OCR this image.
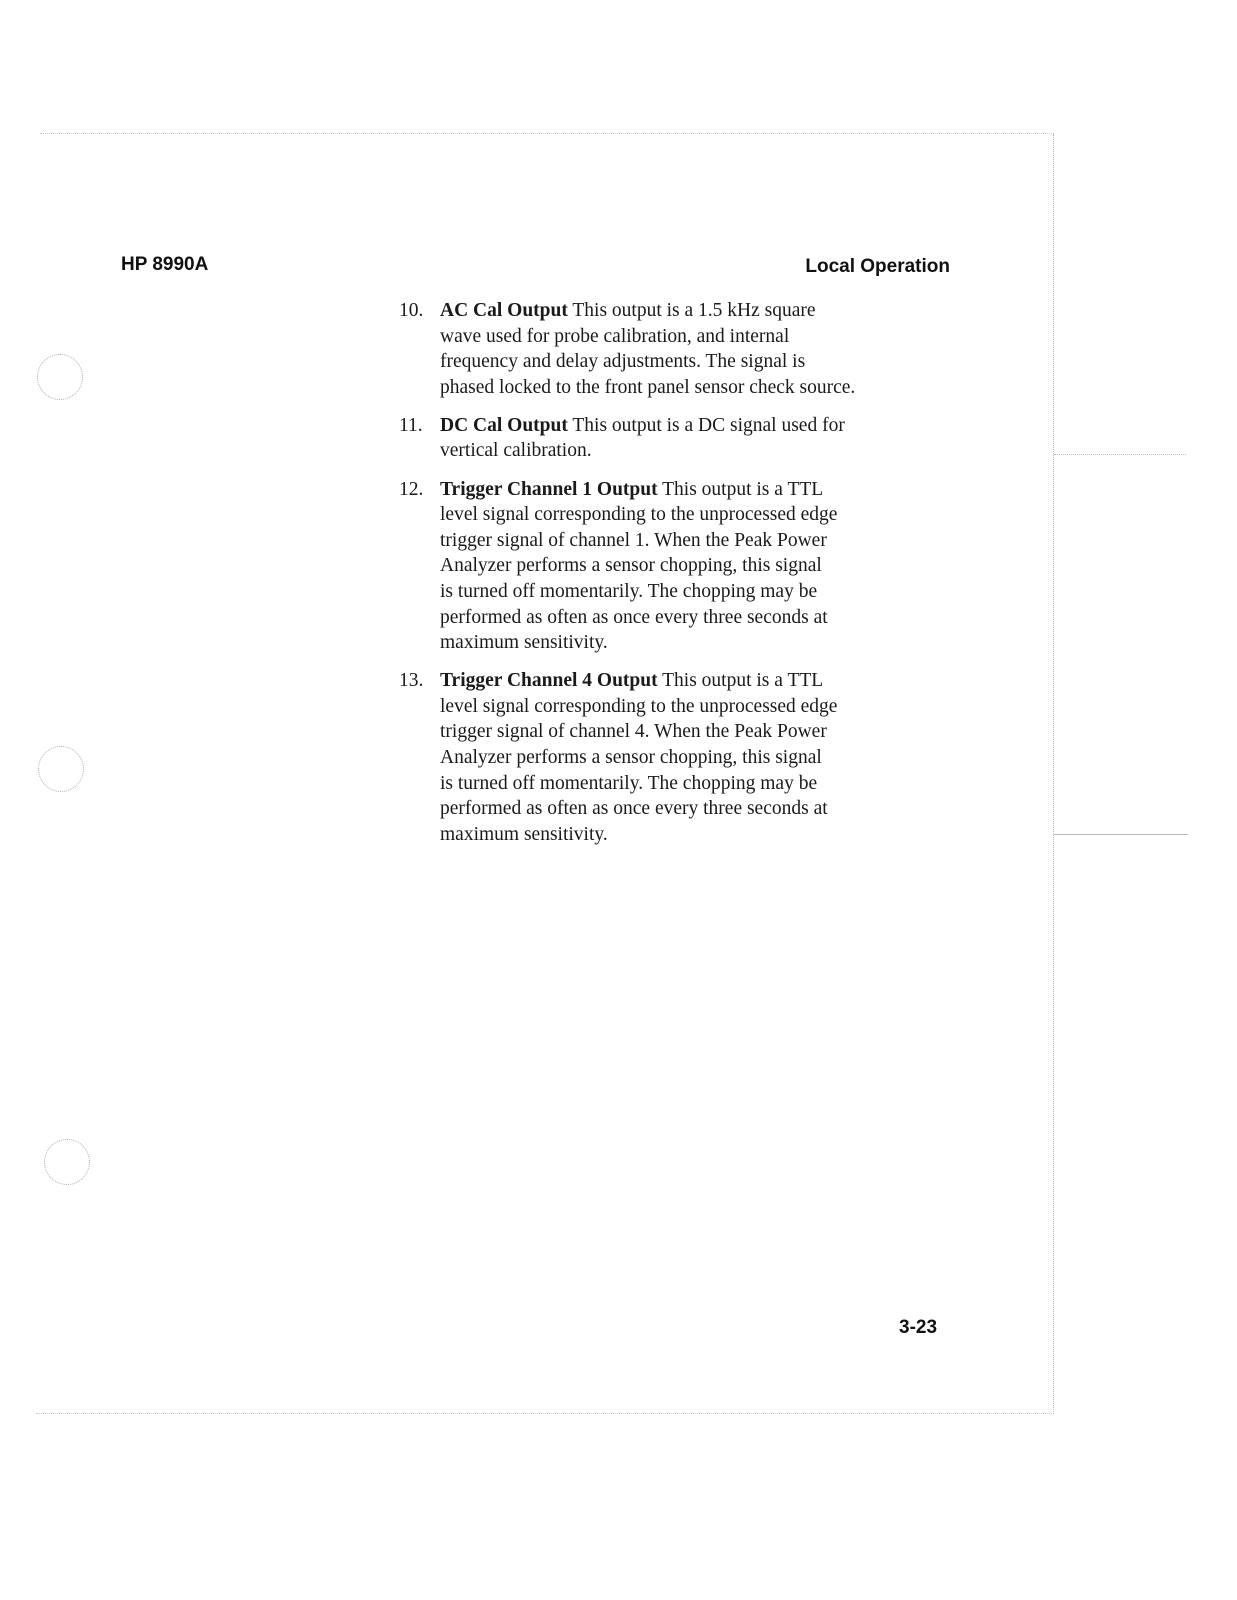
HP 8990A	Local Operation
10. AC Cal Output This output is a 1.5 kHz square
wave used for probe calibration, and internal
frequency and delay adjustments. The signal is
phased locked to the front panel sensor check source.
11. DC Cal Output This output is a DC signal used for
vertical calibration.
12. Trigger Channel 1 Output This output is a TTL
level signal corresponding to the unprocessed edge
trigger signal of channel 1. When the Peak Power
Analyzer performs a sensor chopping, this signal
is turned off momentarily. The chopping may be
performed as often as once every three seconds at
maximum sensitivity.
13. Trigger Channel 4 Output This output is a TTL
level signal corresponding to the unprocessed edge
trigger signal of channel 4. When the Peak Power
Analyzer performs a sensor chopping, this signal
is turned off momentarily. The chopping may be
performed as often as once every three seconds at
maximum sensitivity.
3-23
